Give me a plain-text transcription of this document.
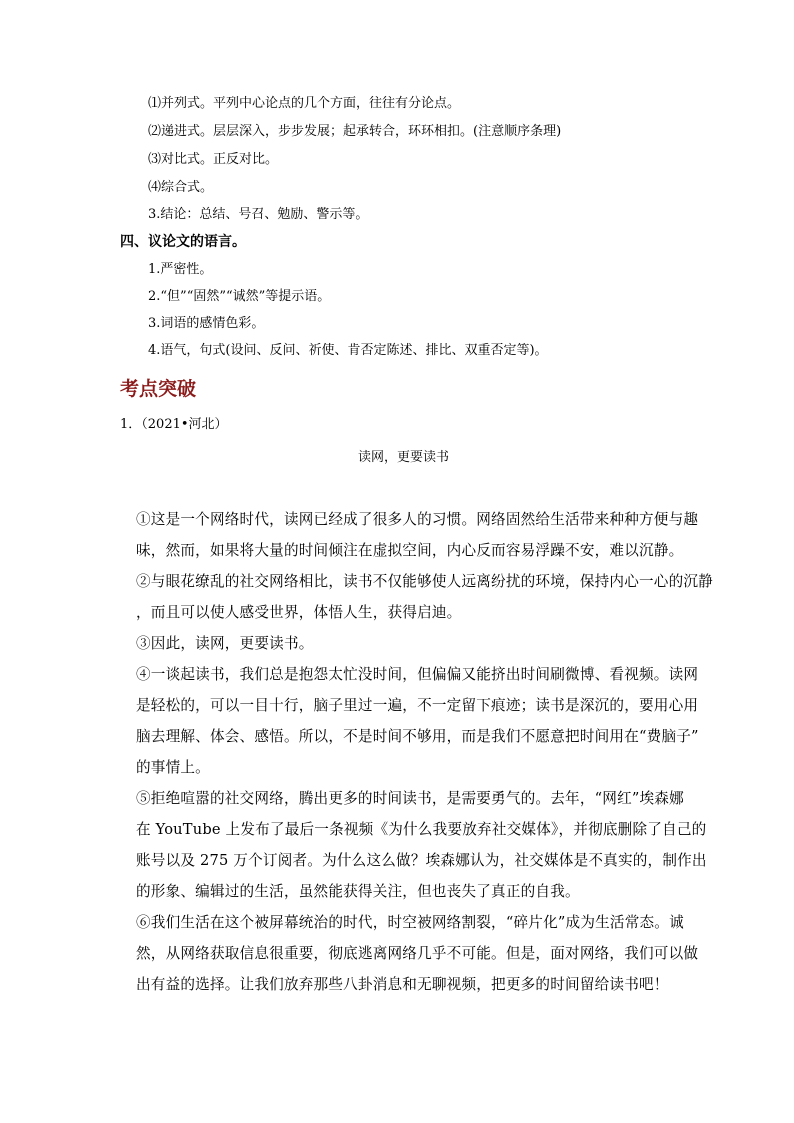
⑴并列式。平列中心论点的几个方面，往往有分论点。
⑵递进式。层层深入，步步发展；起承转合，环环相扣。(注意顺序条理)
⑶对比式。正反对比。
⑷综合式。
3.结论：总结、号召、勉励、警示等。
四、议论文的语言。
1.严密性。
2.“但”“固然”“诚然”等提示语。
3.词语的感情色彩。
4.语气，句式(设问、反问、祈使、肯否定陈述、排比、双重否定等)。
考点突破
1．（2021•河北）
读网，更要读书
①这是一个网络时代，读网已经成了很多人的习惯。网络固然给生活带来种种方便与趣
味，然而，如果将大量的时间倾注在虚拟空间，内心反而容易浮躁不安，难以沉静。
②与眼花缭乱的社交网络相比，读书不仅能够使人远离纷扰的环境，保持内心一心的沉静
，而且可以使人感受世界，体悟人生，获得启迪。
③因此，读网，更要读书。
④一谈起读书，我们总是抱怨太忙没时间，但偏偏又能挤出时间刷微博、看视频。读网
是轻松的，可以一目十行，脑子里过一遍，不一定留下痕迹；读书是深沉的，要用心用
脑去理解、体会、感悟。所以，不是时间不够用，而是我们不愿意把时间用在“费脑子”
的事情上。
⑤拒绝喧嚣的社交网络，腾出更多的时间读书，是需要勇气的。去年，“网红”埃森娜
在 YouTube 上发布了最后一条视频《为什么我要放弃社交媒体》，并彻底删除了自己的
账号以及 275 万个订阅者。为什么这么做？埃森娜认为，社交媒体是不真实的，制作出
的形象、编辑过的生活，虽然能获得关注，但也丧失了真正的自我。
⑥我们生活在这个被屏幕统治的时代，时空被网络割裂，“碎片化”成为生活常态。诚
然，从网络获取信息很重要，彻底逃离网络几乎不可能。但是，面对网络，我们可以做
出有益的选择。让我们放弃那些八卦消息和无聊视频，把更多的时间留给读书吧！
